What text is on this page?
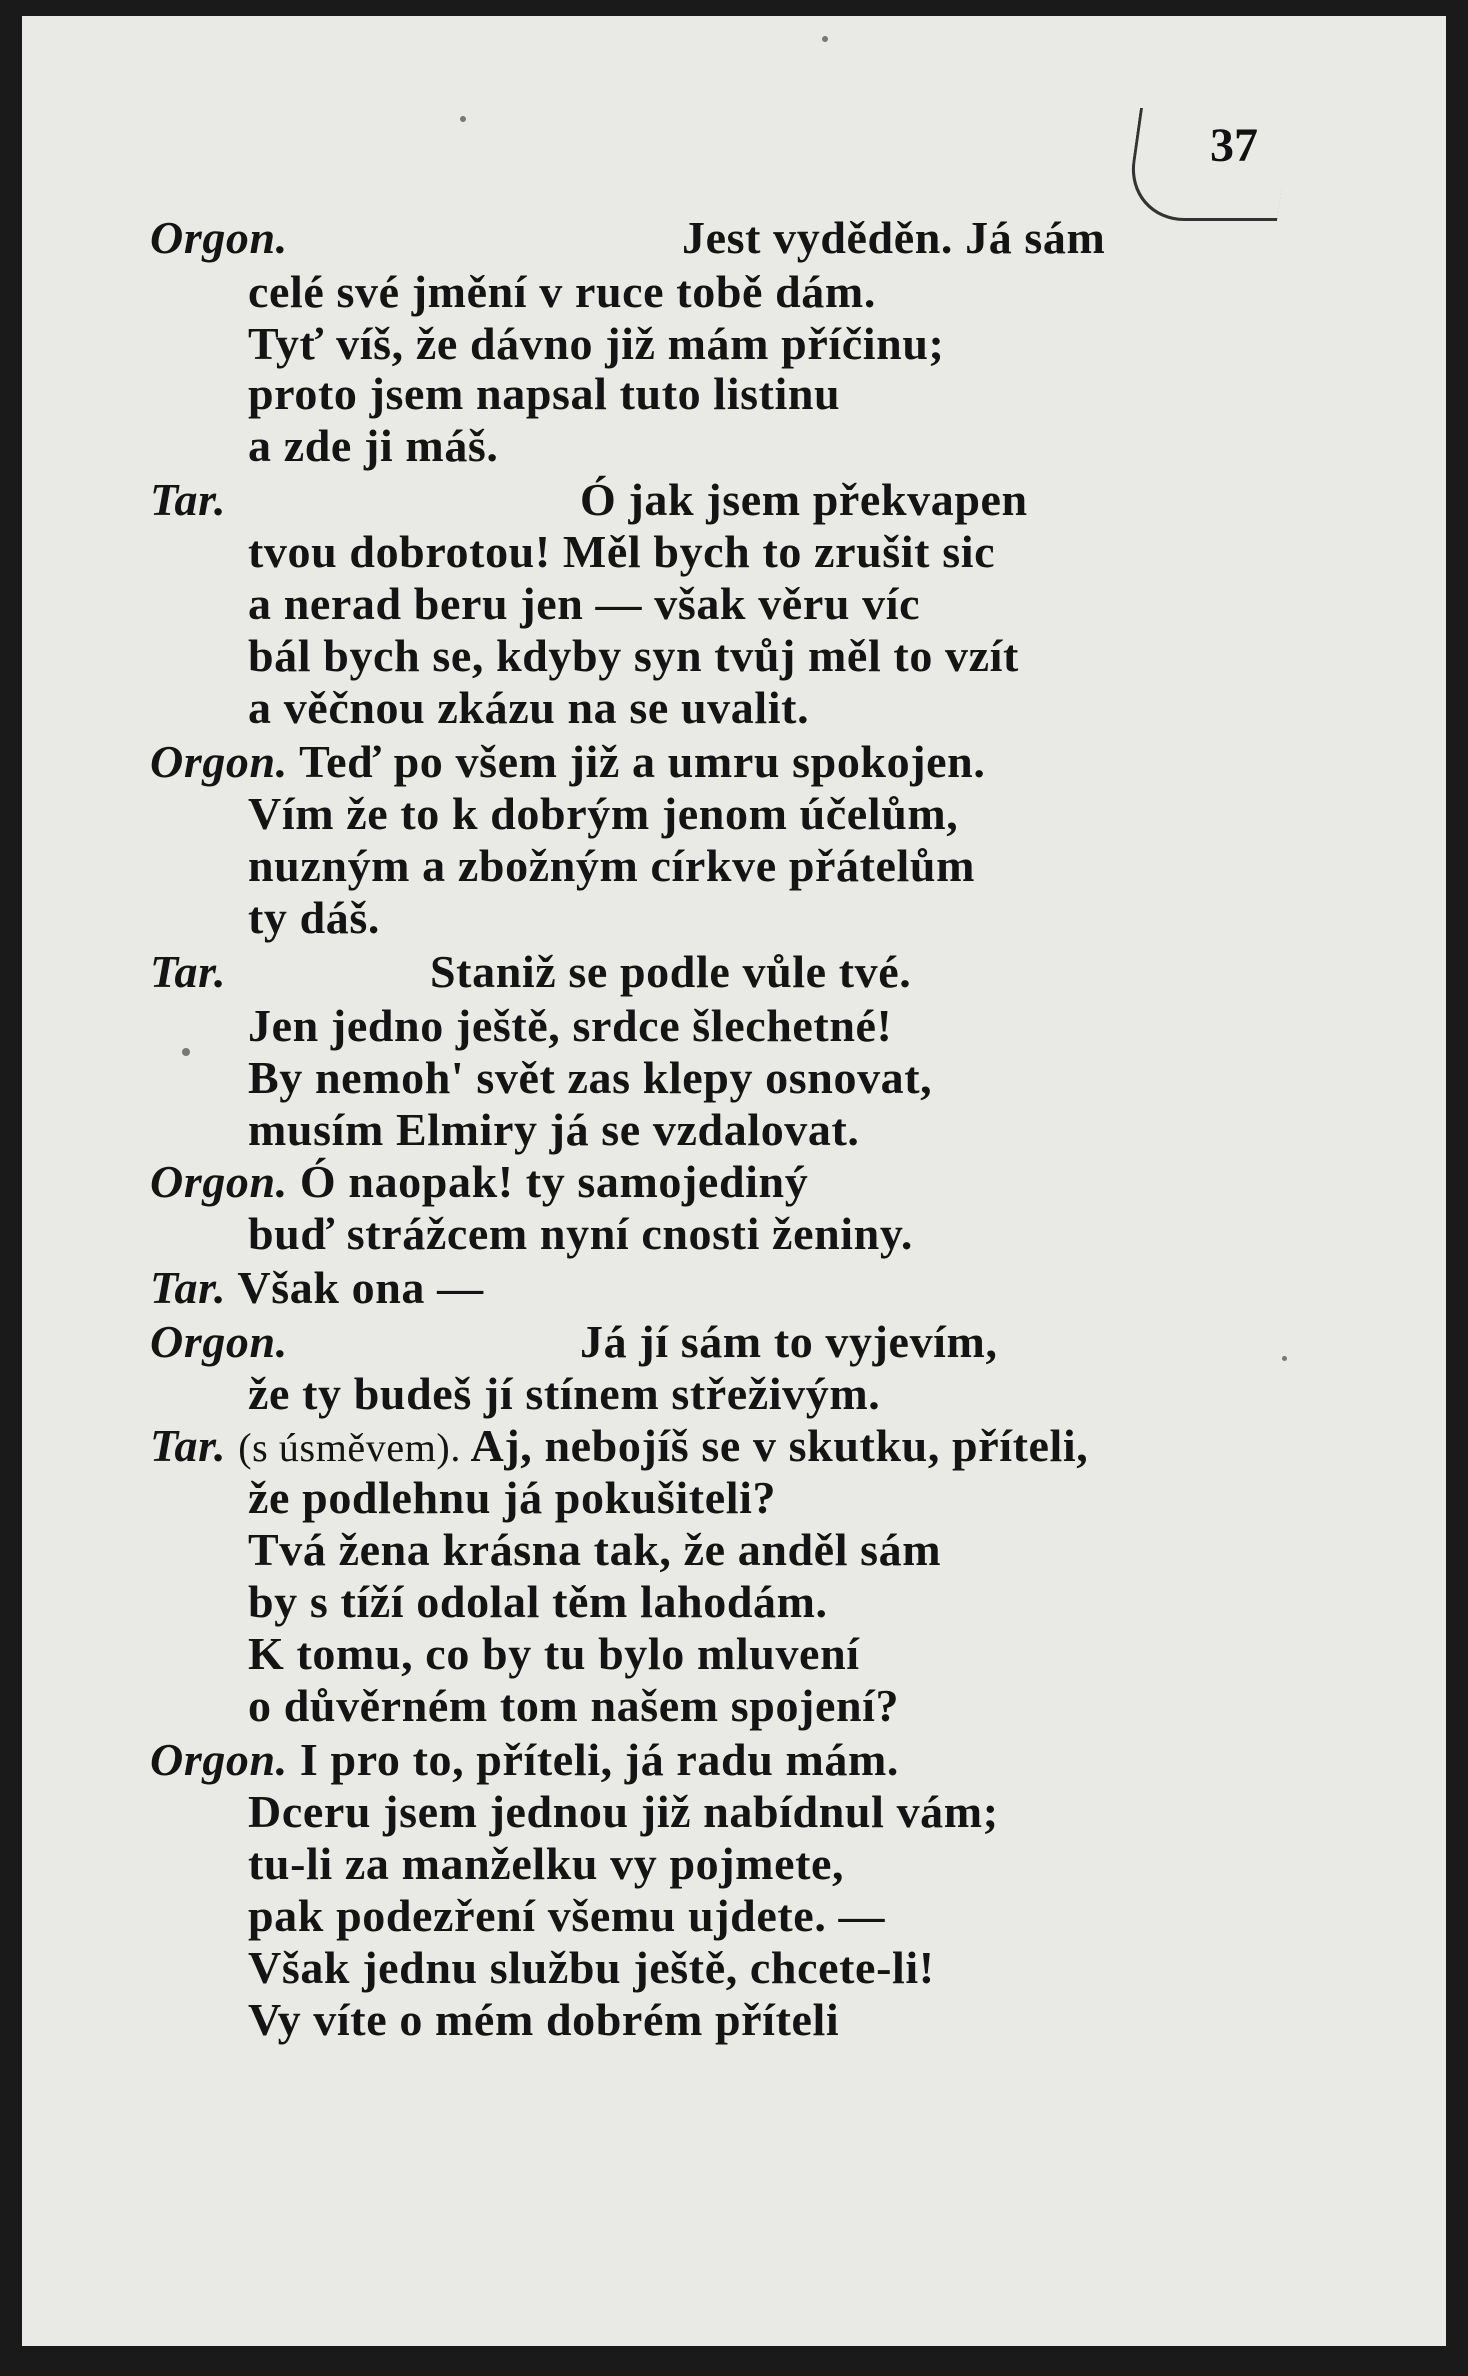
37
Orgon.	Jest vyděděn. Já sám
celé své jmění v ruce tobě dám.
Tyť víš, že dávno již mám příčinu;
proto jsem napsal tuto listinu
a zde ji máš.
Tar.	Ó jak jsem překvapen
tvou dobrotou! Měl bych to zrušit sic
a nerad beru jen — však věru víc
bál bych se, kdyby syn tvůj měl to vzít
a věčnou zkázu na se uvalit.
Orgon. Teď po všem již a umru spokojen.
Vím že to k dobrým jenom účelům,
nuzným a zbožným církve přátelům
ty dáš.
Tar.	Staniž se podle vůle tvé.
Jen jedno ještě, srdce šlechetné!
By nemoh' svět zas klepy osnovat,
musím Elmiry já se vzdalovat.
Orgon. Ó naopak! ty samojediný
buď strážcem nyní cnosti ženiny.
Tar. Však ona —
Orgon.	Já jí sám to vyjevím,
že ty budeš jí stínem střeživým.
Tar. (s úsměvem). Aj, nebojíš se v skutku, příteli,
že podlehnu já pokušiteli?
Tvá žena krásna tak, že anděl sám
by s tíží odolal těm lahodám.
K tomu, co by tu bylo mluvení
o důvěrném tom našem spojení?
Orgon. I pro to, příteli, já radu mám.
Dceru jsem jednou již nabídnul vám;
tu-li za manželku vy pojmete,
pak podezření všemu ujdete. —
Však jednu službu ještě, chcete-li!
Vy víte o mém dobrém příteli
